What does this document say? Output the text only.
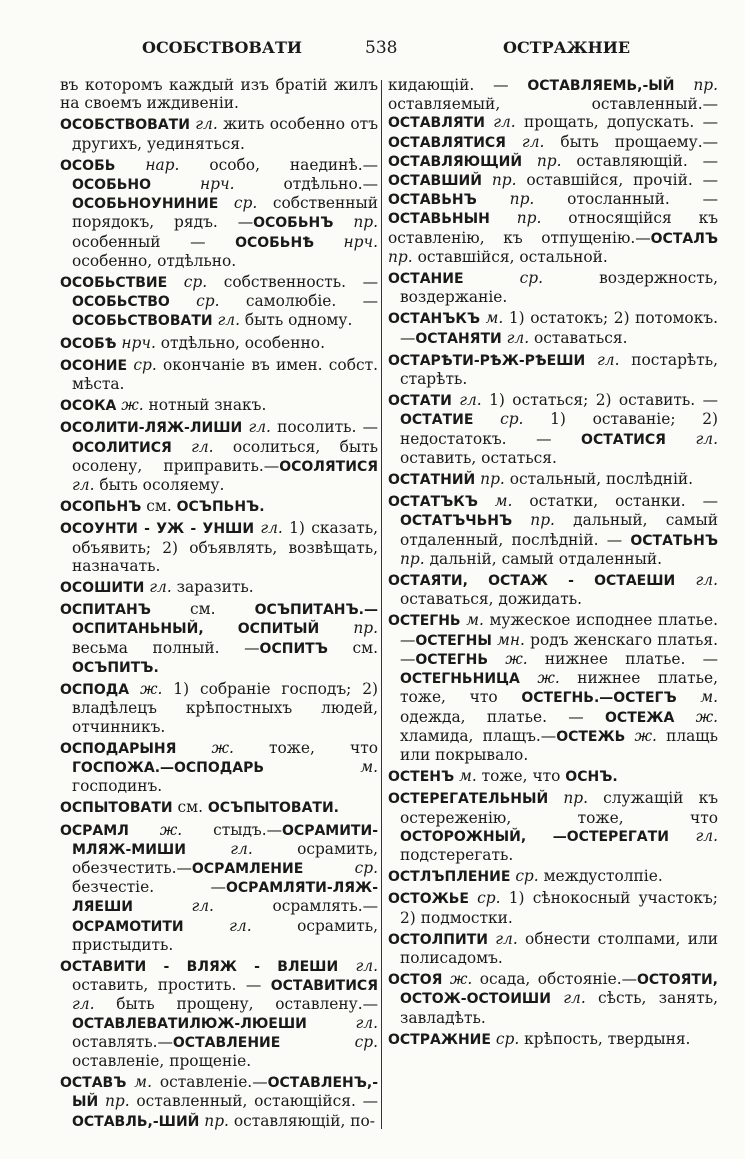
ОСОБСТВОВАТИ	538	ОСТРАЖНИЕ

въ которомъ каждый изъ братій жилъ на своемъ иждивеніи.

ОСОБСТВОВАТИ гл. жить особенно отъ другихъ, уединяться.

ОСОБЬ нар. особо, наединѣ.—ОСОБЬНО нрч. отдѣльно.—ОСОБЬНОУНИНИЕ ср. собственный порядокъ, рядъ. —ОСОБЬНЪ пр. особенный — ОСОБЬНѢ нрч. особенно, отдѣльно.

ОСОБЬСТВИЕ ср. собственность. — ОСОБЬСТВО ср. самолюбіе. — ОСОБЬСТВОВАТИ гл. быть одному.

ОСОБѢ нрч. отдѣльно, особенно.

ОСОНИЕ ср. окончаніе въ имен. собст. мѣста.

ОСОКА ж. нотный знакъ.

ОСОЛИТИ-ЛЯЖ-ЛИШИ гл. посолить. —ОСОЛИТИСЯ гл. осолиться, быть осолену, приправить.—ОСОЛЯТИСЯ гл. быть осоляему.

ОСОПЬНЪ см. ОСЪПЬНЪ.

ОСОУНТИ - УЖ - УНШИ гл. 1) сказать, объявить; 2) объявлять, возвѣщать, назначать.

ОСОШИТИ гл. заразить.

ОСПИТАНЪ см. ОСЪПИТАНЪ.—ОСПИТАНЬНЫЙ, ОСПИТЫЙ пр. весьма полный. —ОСПИТЪ см. ОСЪПИТЪ.

ОСПОДА ж. 1) собраніе господъ; 2) владѣлецъ крѣпостныхъ людей, отчинникъ.

ОСПОДАРЫНЯ ж. тоже, что ГОСПОЖА.—ОСПОДАРЬ м. господинъ.

ОСПЫТОВАТИ см. ОСЪПЫТОВАТИ.

ОСРАМЛ ж. стыдъ.—ОСРАМИТИ-МЛЯЖ-МИШИ гл. осрамить, обезчестить.—ОСРАМЛЕНИЕ ср. безчестіе. —ОСРАМЛЯТИ-ЛЯЖ-ЛЯЕШИ гл. осрамлять.—ОСРАМОТИТИ гл. осрамить, пристыдить.

ОСТАВИТИ - ВЛЯЖ - ВЛЕШИ гл. оставить, простить. — ОСТАВИТИСЯ гл. быть прощену, оставлену.—ОСТАВЛЕВАТИЛЮЖ-ЛЮЕШИ гл. оставлять.—ОСТАВЛЕНИЕ ср. оставленіе, прощеніе.

ОСТАВЪ м. оставленіе.—ОСТАВЛЕНЪ,-ЫЙ пр. оставленный, остающійся. —ОСТАВЛЬ,-ШИЙ пр. оставляющій, по-

кидающій. — ОСТАВЛЯЕМЬ,-ЫЙ пр. оставляемый, оставленный.—ОСТАВЛЯТИ гл. прощать, допускать. — ОСТАВЛЯТИСЯ гл. быть прощаему.—ОСТАВЛЯЮЩИЙ пр. оставляющій. — ОСТАВШИЙ пр. оставшійся, прочій. — ОСТАВЬНЪ пр. отосланный. — ОСТАВЬНЫН пр. относящійся къ оставленію, къ отпущенію.—ОСТАЛЪ пр. оставшійся, остальной.

ОСТАНИЕ ср. воздержность, воздержаніе.

ОСТАНЪКЪ м. 1) остатокъ; 2) потомокъ.—ОСТАНЯТИ гл. оставаться.

ОСТАРѢТИ-РѢЖ-РѢЕШИ гл. постарѣть, старѣть.

ОСТАТИ гл. 1) остаться; 2) оставить. —ОСТАТИЕ ср. 1) оставаніе; 2) недостатокъ. — ОСТАТИСЯ гл. оставить, остаться.

ОСТАТНИЙ пр. остальный, послѣдній.

ОСТАТЪКЪ м. остатки, останки. —ОСТАТЪЧЬНЪ пр. дальный, самый отдаленный, послѣдній. — ОСТАТЬНЪ пр. дальній, самый отдаленный.

ОСТАЯТИ, ОСТАЖ - ОСТАЕШИ гл. оставаться, дожидать.

ОСТЕГНЬ м. мужеское исподнее платье. —ОСТЕГНЫ мн. родъ женскаго платья. —ОСТЕГНЬ ж. нижнее платье. —ОСТЕГНЬНИЦА ж. нижнее платье, тоже, что ОСТЕГНЬ.—ОСТЕГЪ м. одежда, платье. — ОСТЕЖА ж. хламида, плащъ.—ОСТЕЖЬ ж. плащь или покрывало.

ОСТЕНЪ м. тоже, что ОСНЪ.

ОСТЕРЕГАТЕЛЬНЫЙ пр. служащій къ остереженію, тоже, что ОСТОРОЖНЫЙ, —ОСТЕРЕГАТИ гл. подстерегать.

ОСТЛЪПЛЕНИЕ ср. междустолпіе.

ОСТОЖЬЕ ср. 1) сѣнокосный участокъ; 2) подмостки.

ОСТОЛПИТИ гл. обнести столпами, или полисадомъ.

ОСТОЯ ж. осада, обстояніе.—ОСТОЯТИ, ОСТОЖ-ОСТОИШИ гл. сѣсть, занять, завладѣть.

ОСТРАЖНИЕ ср. крѣпость, твердыня.
